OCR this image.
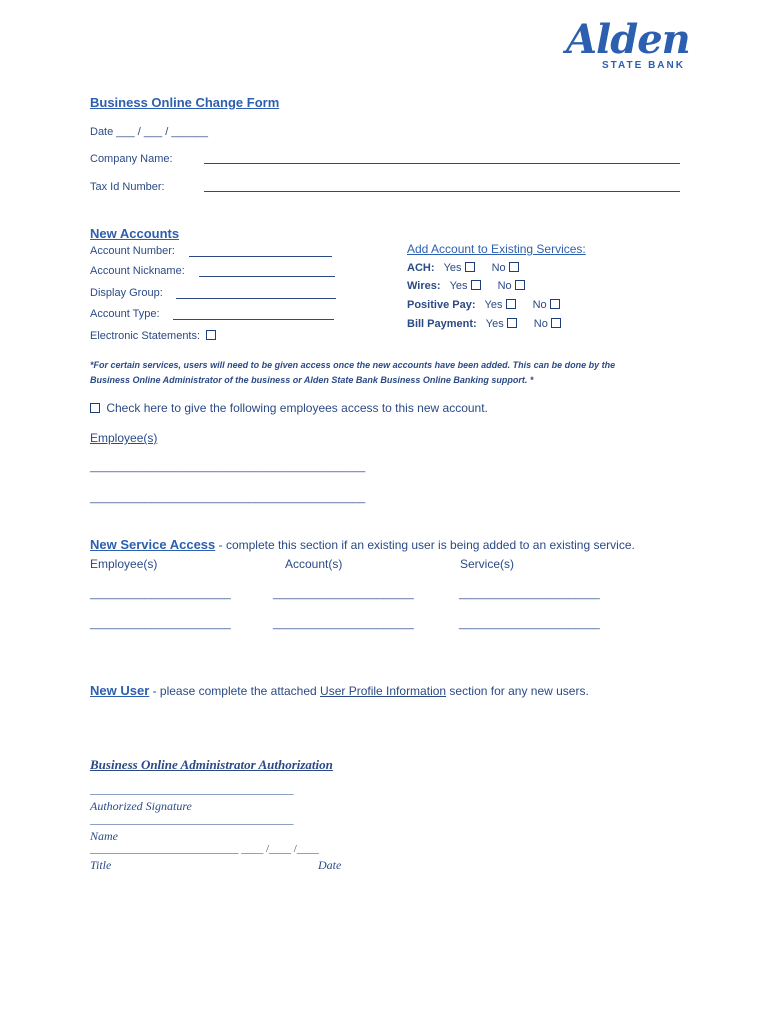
Alden
STATE BANK
Business Online Change Form
Date ___ / ___ / ______
Company Name:
Tax Id Number:
New Accounts
Account Number:
Account Nickname:
Display Group:
Account Type:
Electronic Statements:
Add Account to Existing Services:
ACH: Yes	No
Wires: Yes	No
Positive Pay: Yes	No
Bill Payment: Yes	No
*For certain services, users will need to be given access once the new accounts have been added. This can be done by the
Business Online Administrator of the business or Alden State Bank Business Online Banking support. *
Check here to give the following employees access to this new account.
Employee(s)
_____________________________________________
_____________________________________________
New Service Access - complete this section if an existing user is being added to an existing service.
Employee(s)	Account(s)	Service(s)
_______________________	_______________________	_______________________
_______________________	_______________________	_______________________
New User - please complete the attached User Profile Information section for any new users.
Business Online Administrator Authorization
_____________________________________
Authorized Signature
_____________________________________
Name
___________________________ ____ /____ /____
Title	Date
